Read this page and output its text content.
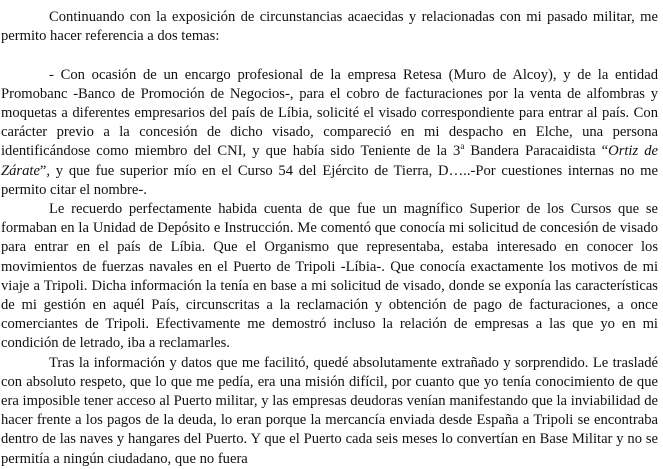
Continuando con la exposición de circunstancias acaecidas y relacionadas con mi pasado militar, me permito hacer referencia a dos temas:

- Con ocasión de un encargo profesional de la empresa Retesa (Muro de Alcoy), y de la entidad Promobanc -Banco de Promoción de Negocios-, para el cobro de facturaciones por la venta de alfombras y moquetas a diferentes empresarios del país de Líbia, solicité el visado correspondiente para entrar al país. Con carácter previo a la concesión de dicho visado, compareció en mi despacho en Elche, una persona identificándose como miembro del CNI, y que había sido Teniente de la 3$^a$ Bandera Paracaidista “Ortiz de Zárate”, y que fue superior mío en el Curso 54 del Ejército de Tierra, D…..-Por cuestiones internas no me permito citar el nombre-.

Le recuerdo perfectamente habida cuenta de que fue un magnífico Superior de los Cursos que se formaban en la Unidad de Depósito e Instrucción. Me comentó que conocía mi solicitud de concesión de visado para entrar en el país de Líbia. Que el Organismo que representaba, estaba interesado en conocer los movimientos de fuerzas navales en el Puerto de Tripoli -Líbia-. Que conocía exactamente los motivos de mi viaje a Tripoli. Dicha información la tenía en base a mi solicitud de visado, donde se exponía las características de mi gestión en aquél País, circunscritas a la reclamación y obtención de pago de facturaciones, a once comerciantes de Tripoli. Efectivamente me demostró incluso la relación de empresas a las que yo en mi condición de letrado, iba a reclamarles.

Tras la información y datos que me facilitó, quedé absolutamente extrañado y sorprendido. Le trasladé con absoluto respeto, que lo que me pedía, era una misión difícil, por cuanto que yo tenía conocimiento de que era imposible tener acceso al Puerto militar, y las empresas deudoras venían manifestando que la inviabilidad de hacer frente a los pagos de la deuda, lo eran porque la mercancía enviada desde España a Tripoli se encontraba dentro de las naves y hangares del Puerto. Y que el Puerto cada seis meses lo convertían en Base Militar y no se permitía a ningún ciudadano, que no fuera
